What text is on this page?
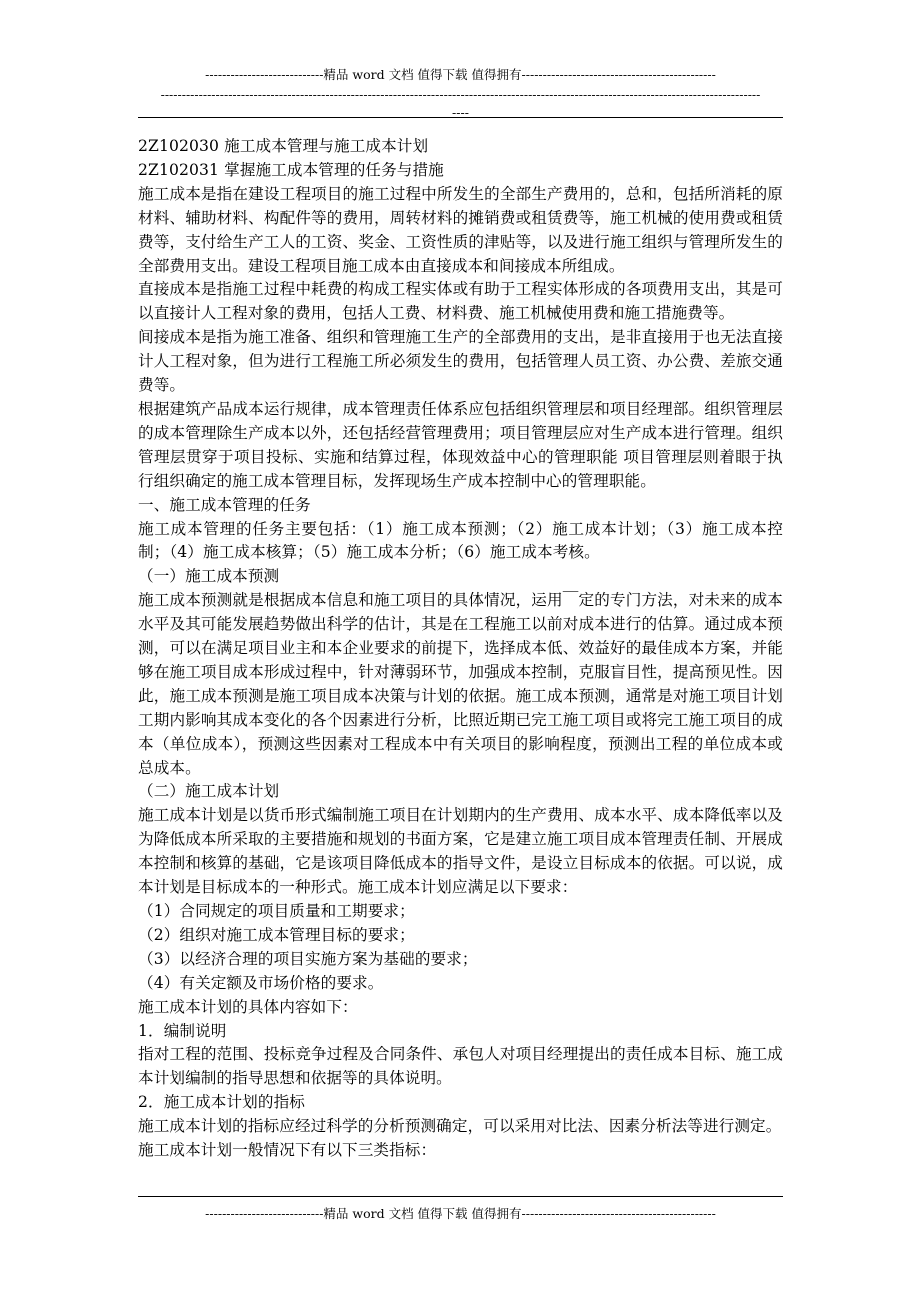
----------------------------精品 word 文档 值得下载 值得拥有----------------------------------------------
----------------------------------------------------------------------------------------------------------------------------------------------
----

2Z102030 施工成本管理与施工成本计划

2Z102031 掌握施工成本管理的任务与措施

施工成本是指在建设工程项目的施工过程中所发生的全部生产费用的，总和，包括所消耗的原材料、辅助材料、构配件等的费用，周转材料的摊销费或租赁费等，施工机械的使用费或租赁费等，支付给生产工人的工资、奖金、工资性质的津贴等，以及进行施工组织与管理所发生的全部费用支出。建设工程项目施工成本由直接成本和间接成本所组成。

直接成本是指施工过程中耗费的构成工程实体或有助于工程实体形成的各项费用支出，其是可以直接计人工程对象的费用，包括人工费、材料费、施工机械使用费和施工措施费等。

间接成本是指为施工准备、组织和管理施工生产的全部费用的支出，是非直接用于也无法直接计人工程对象，但为进行工程施工所必须发生的费用，包括管理人员工资、办公费、差旅交通费等。

根据建筑产品成本运行规律，成本管理责任体系应包括组织管理层和项目经理部。组织管理层的成本管理除生产成本以外，还包括经营管理费用；项目管理层应对生产成本进行管理。组织管理层贯穿于项目投标、实施和结算过程，体现效益中心的管理职能 项目管理层则着眼于执行组织确定的施工成本管理目标，发挥现场生产成本控制中心的管理职能。

一、施工成本管理的任务

施工成本管理的任务主要包括：（1）施工成本预测；（2）施工成本计划；（3）施工成本控制；（4）施工成本核算；（5）施工成本分析；（6）施工成本考核。

（一）施工成本预测

施工成本预测就是根据成本信息和施工项目的具体情况，运用￣定的专门方法，对未来的成本水平及其可能发展趋势做出科学的估计，其是在工程施工以前对成本进行的估算。通过成本预测，可以在满足项目业主和本企业要求的前提下，选择成本低、效益好的最佳成本方案，并能够在施工项目成本形成过程中，针对薄弱环节，加强成本控制，克服盲目性，提高预见性。因此，施工成本预测是施工项目成本决策与计划的依据。施工成本预测，通常是对施工项目计划工期内影响其成本变化的各个因素进行分析，比照近期已完工施工项目或将完工施工项目的成本（单位成本），预测这些因素对工程成本中有关项目的影响程度，预测出工程的单位成本或总成本。

（二）施工成本计划

施工成本计划是以货币形式编制施工项目在计划期内的生产费用、成本水平、成本降低率以及为降低成本所采取的主要措施和规划的书面方案，它是建立施工项目成本管理责任制、开展成本控制和核算的基础，它是该项目降低成本的指导文件，是设立目标成本的依据。可以说，成本计划是目标成本的一种形式。施工成本计划应满足以下要求：

（1）合同规定的项目质量和工期要求；

（2）组织对施工成本管理目标的要求；

（3）以经济合理的项目实施方案为基础的要求；

（4）有关定额及市场价格的要求。

施工成本计划的具体内容如下：

1．编制说明

指对工程的范围、投标竞争过程及合同条件、承包人对项目经理提出的责任成本目标、施工成本计划编制的指导思想和依据等的具体说明。

2．施工成本计划的指标

施工成本计划的指标应经过科学的分析预测确定，可以采用对比法、因素分析法等进行测定。

施工成本计划一般情况下有以下三类指标：

----------------------------精品 word 文档 值得下载 值得拥有----------------------------------------------
